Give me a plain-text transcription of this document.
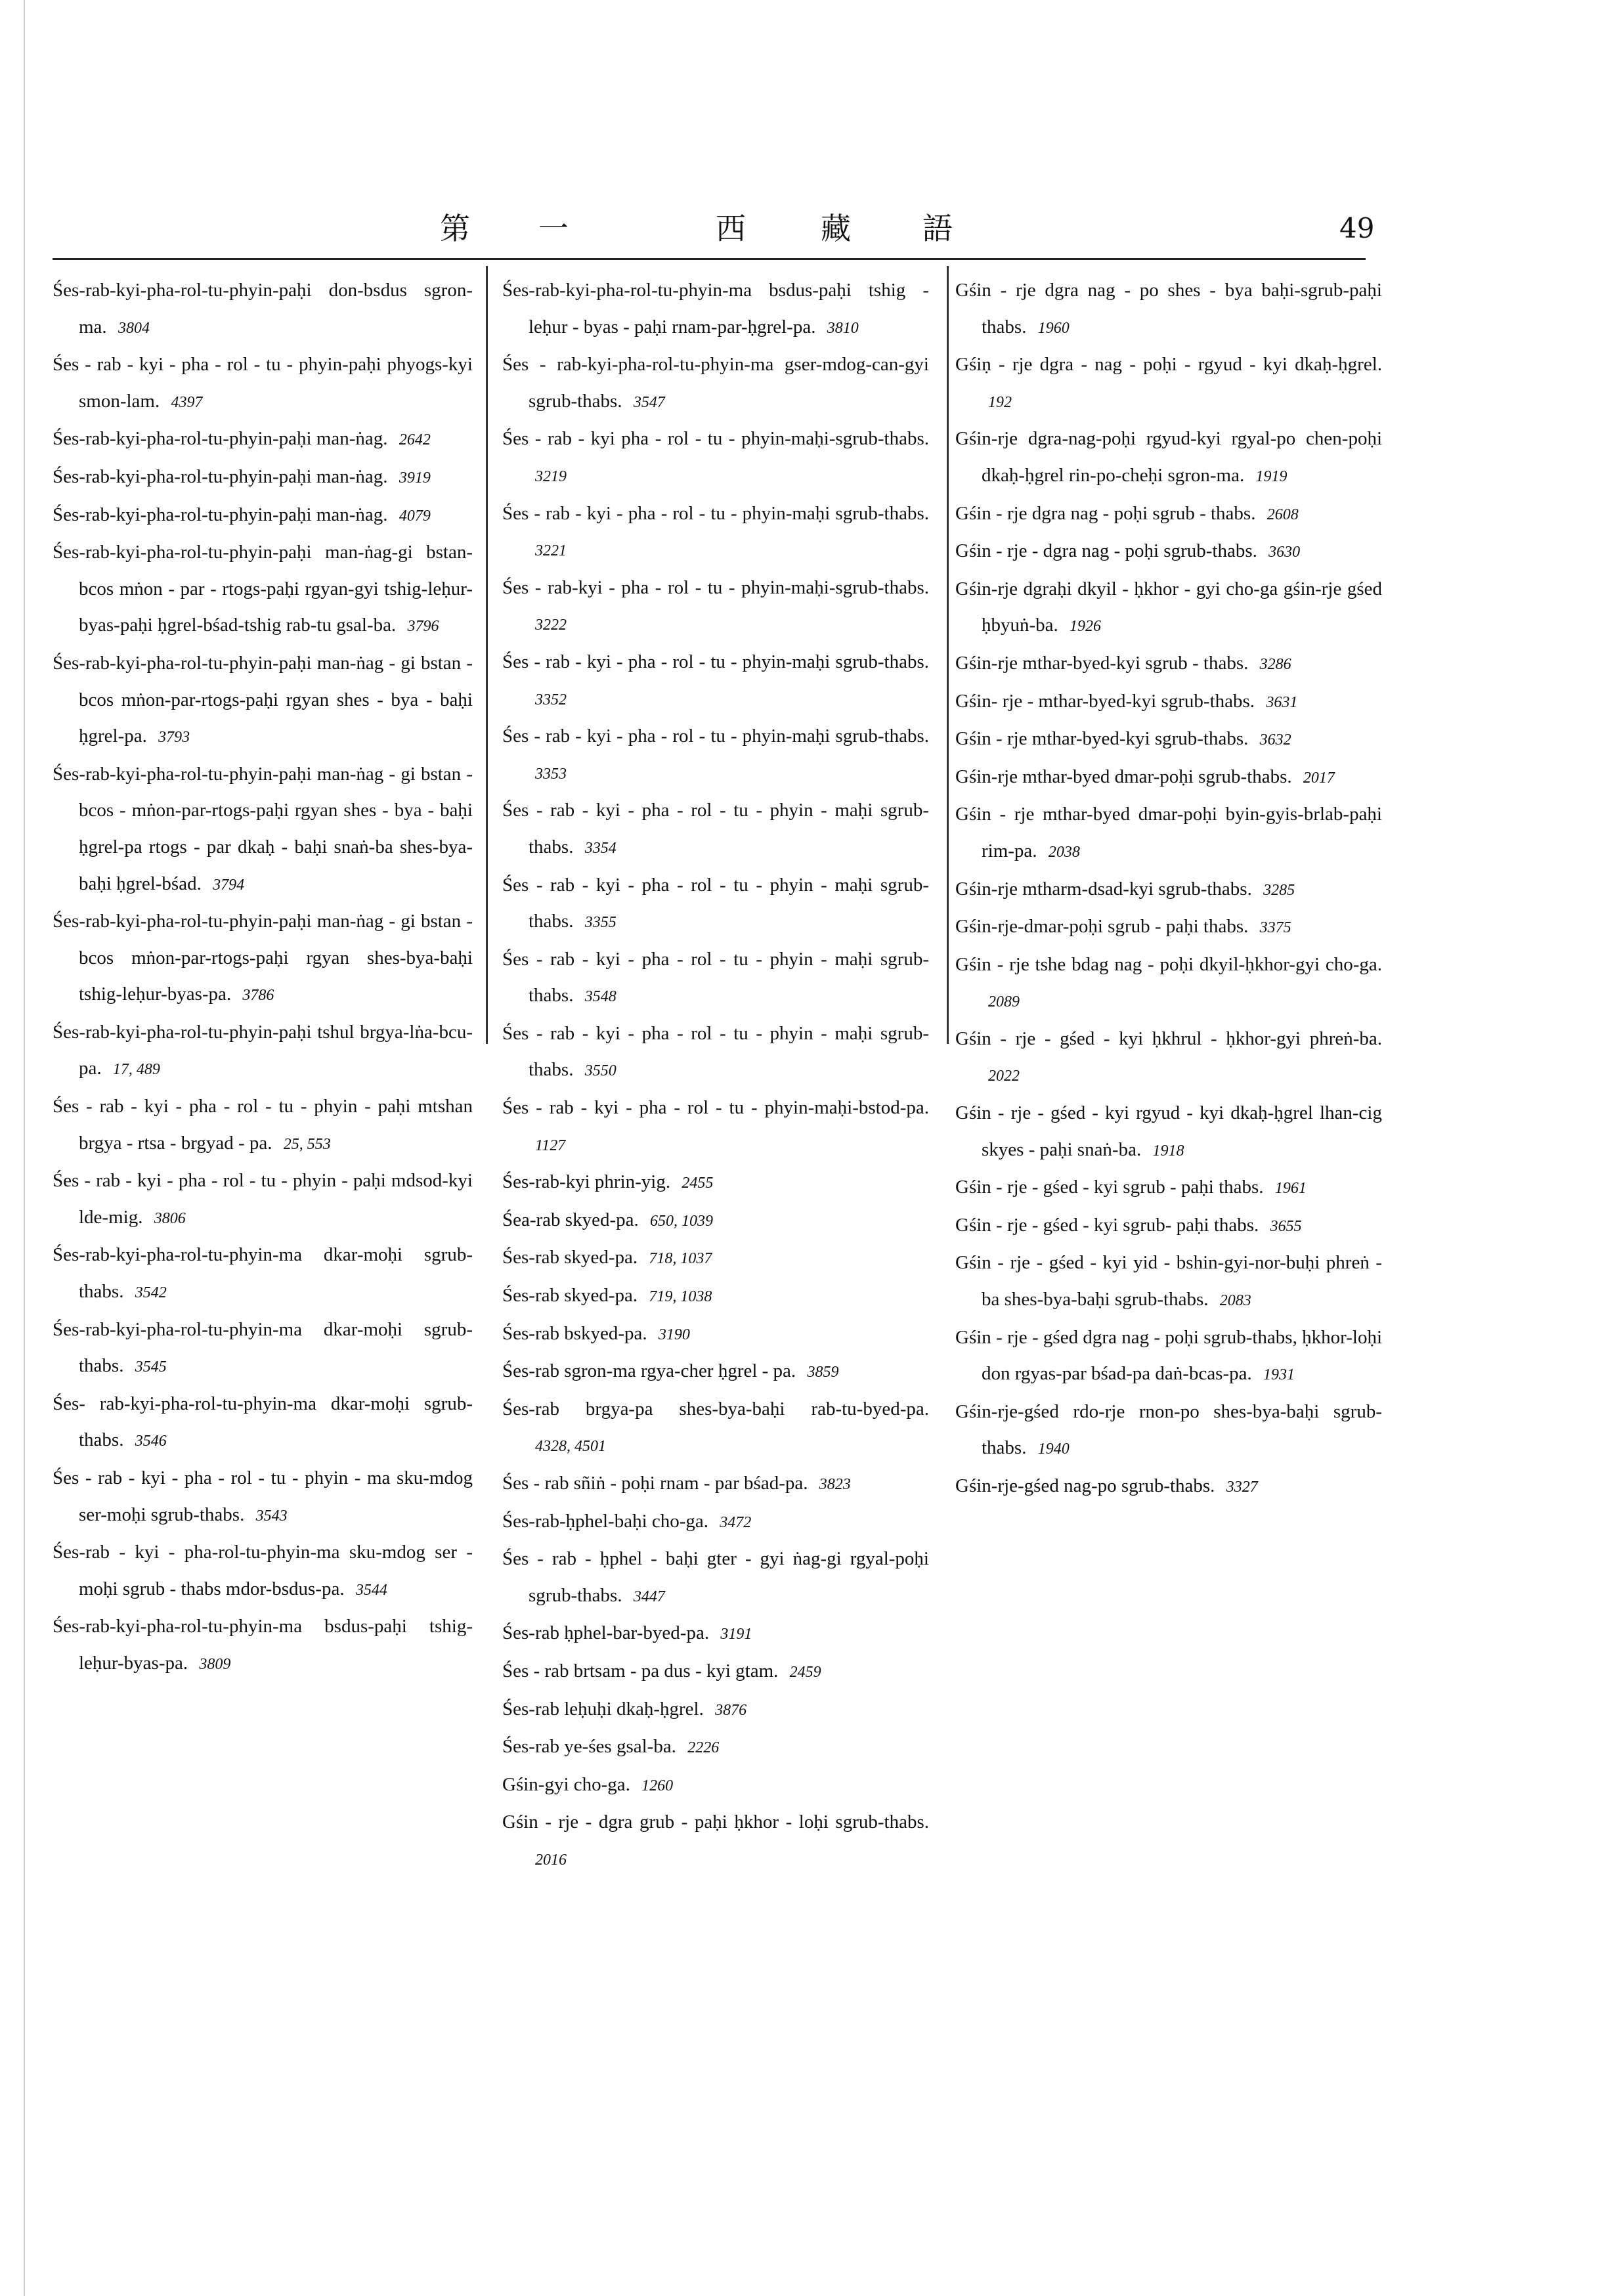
第 一	西 藏 語	49

Śes-rab-kyi-pha-rol-tu-phyin-paḥi don-bsdus sgron-ma. 3804

Śes - rab - kyi - pha - rol - tu - phyin-paḥi phyogs-kyi smon-lam. 4397

Śes-rab-kyi-pha-rol-tu-phyin-paḥi man-ṅag. 2642

Śes-rab-kyi-pha-rol-tu-phyin-paḥi man-ṅag. 3919

Śes-rab-kyi-pha-rol-tu-phyin-paḥi man-ṅag. 4079

Śes-rab-kyi-pha-rol-tu-phyin-paḥi man-ṅag-gi bstan-bcos mṅon - par - rtogs-paḥi rgyan-gyi tshig-leḥur-byas-paḥi ḥgrel-bśad-tshig rab-tu gsal-ba. 3796

Śes-rab-kyi-pha-rol-tu-phyin-paḥi man-ṅag - gi bstan - bcos mṅon-par-rtogs-paḥi rgyan shes - bya - baḥi ḥgrel-pa. 3793

Śes-rab-kyi-pha-rol-tu-phyin-paḥi man-ṅag - gi bstan - bcos - mṅon-par-rtogs-paḥi rgyan shes - bya - baḥi ḥgrel-pa rtogs - par dkaḥ - baḥi snaṅ-ba shes-bya-baḥi ḥgrel-bśad. 3794

Śes-rab-kyi-pha-rol-tu-phyin-paḥi man-ṅag - gi bstan - bcos mṅon-par-rtogs-paḥi rgyan shes-bya-baḥi tshig-leḥur-byas-pa. 3786

Śes-rab-kyi-pha-rol-tu-phyin-paḥi tshul brgya-lṅa-bcu-pa. 17, 489

Śes - rab - kyi - pha - rol - tu - phyin - paḥi mtshan brgya - rtsa - brgyad - pa. 25, 553

Śes - rab - kyi - pha - rol - tu - phyin - paḥi mdsod-kyi lde-mig. 3806

Śes-rab-kyi-pha-rol-tu-phyin-ma dkar-moḥi sgrub-thabs. 3542

Śes-rab-kyi-pha-rol-tu-phyin-ma dkar-moḥi sgrub-thabs. 3545

Śes- rab-kyi-pha-rol-tu-phyin-ma dkar-moḥi sgrub-thabs. 3546

Śes - rab - kyi - pha - rol - tu - phyin - ma sku-mdog ser-moḥi sgrub-thabs. 3543

Śes-rab - kyi - pha-rol-tu-phyin-ma sku-mdog ser - moḥi sgrub - thabs mdor-bsdus-pa. 3544

Śes-rab-kyi-pha-rol-tu-phyin-ma bsdus-paḥi tshig-leḥur-byas-pa. 3809

Śes-rab-kyi-pha-rol-tu-phyin-ma bsdus-paḥi tshig - leḥur - byas - paḥi rnam-par-ḥgrel-pa. 3810

Śes - rab-kyi-pha-rol-tu-phyin-ma gser-mdog-can-gyi sgrub-thabs. 3547

Śes - rab - kyi pha - rol - tu - phyin-maḥi-sgrub-thabs. 3219

Śes - rab - kyi - pha - rol - tu - phyin-maḥi sgrub-thabs. 3221

Śes - rab-kyi - pha - rol - tu - phyin-maḥi-sgrub-thabs. 3222

Śes - rab - kyi - pha - rol - tu - phyin-maḥi sgrub-thabs. 3352

Śes - rab - kyi - pha - rol - tu - phyin-maḥi sgrub-thabs. 3353

Śes - rab - kyi - pha - rol - tu - phyin - maḥi sgrub-thabs. 3354

Śes - rab - kyi - pha - rol - tu - phyin - maḥi sgrub-thabs. 3355

Śes - rab - kyi - pha - rol - tu - phyin - maḥi sgrub-thabs. 3548

Śes - rab - kyi - pha - rol - tu - phyin - maḥi sgrub-thabs. 3550

Śes - rab - kyi - pha - rol - tu - phyin-maḥi-bstod-pa. 1127

Śes-rab-kyi phrin-yig. 2455

Śea-rab skyed-pa. 650, 1039

Śes-rab skyed-pa. 718, 1037

Śes-rab skyed-pa. 719, 1038

Śes-rab bskyed-pa. 3190

Śes-rab sgron-ma rgya-cher ḥgrel - pa. 3859

Śes-rab brgya-pa shes-bya-baḥi rab-tu-byed-pa. 4328, 4501

Śes - rab sñiṅ - poḥi rnam - par bśad-pa. 3823

Śes-rab-ḥphel-baḥi cho-ga. 3472

Śes - rab - ḥphel - baḥi gter - gyi ṅag-gi rgyal-poḥi sgrub-thabs. 3447

Śes-rab ḥphel-bar-byed-pa. 3191

Śes - rab brtsam - pa dus - kyi gtam. 2459

Śes-rab leḥuḥi dkaḥ-ḥgrel. 3876

Śes-rab ye-śes gsal-ba. 2226

Gśin-gyi cho-ga. 1260

Gśin - rje - dgra grub - paḥi ḥkhor - loḥi sgrub-thabs. 2016

Gśin - rje dgra nag - po shes - bya baḥi-sgrub-paḥi thabs. 1960

Gśiṇ - rje dgra - nag - poḥi - rgyud - kyi dkaḥ-ḥgrel. 192

Gśin-rje dgra-nag-poḥi rgyud-kyi rgyal-po chen-poḥi dkaḥ-ḥgrel rin-po-cheḥi sgron-ma. 1919

Gśin - rje dgra nag - poḥi sgrub - thabs. 2608

Gśin - rje - dgra nag - poḥi sgrub-thabs. 3630

Gśin-rje dgraḥi dkyil - ḥkhor - gyi cho-ga gśin-rje gśed ḥbyuṅ-ba. 1926

Gśin-rje mthar-byed-kyi sgrub - thabs. 3286

Gśin- rje - mthar-byed-kyi sgrub-thabs. 3631

Gśin - rje mthar-byed-kyi sgrub-thabs. 3632

Gśin-rje mthar-byed dmar-poḥi sgrub-thabs. 2017

Gśin - rje mthar-byed dmar-poḥi byin-gyis-brlab-paḥi rim-pa. 2038

Gśin-rje mtharm-dsad-kyi sgrub-thabs. 3285

Gśin-rje-dmar-poḥi sgrub - paḥi thabs. 3375

Gśin - rje tshe bdag nag - poḥi dkyil-ḥkhor-gyi cho-ga. 2089

Gśin - rje - gśed - kyi ḥkhrul - ḥkhor-gyi phreṅ-ba. 2022

Gśin - rje - gśed - kyi rgyud - kyi dkaḥ-ḥgrel lhan-cig skyes - paḥi snaṅ-ba. 1918

Gśin - rje - gśed - kyi sgrub - paḥi thabs. 1961

Gśin - rje - gśed - kyi sgrub- paḥi thabs. 3655

Gśin - rje - gśed - kyi yid - bshin-gyi-nor-buḥi phreṅ - ba shes-bya-baḥi sgrub-thabs. 2083

Gśin - rje - gśed dgra nag - poḥi sgrub-thabs, ḥkhor-loḥi don rgyas-par bśad-pa daṅ-bcas-pa. 1931

Gśin-rje-gśed rdo-rje rnon-po shes-bya-baḥi sgrub-thabs. 1940

Gśin-rje-gśed nag-po sgrub-thabs. 3327
